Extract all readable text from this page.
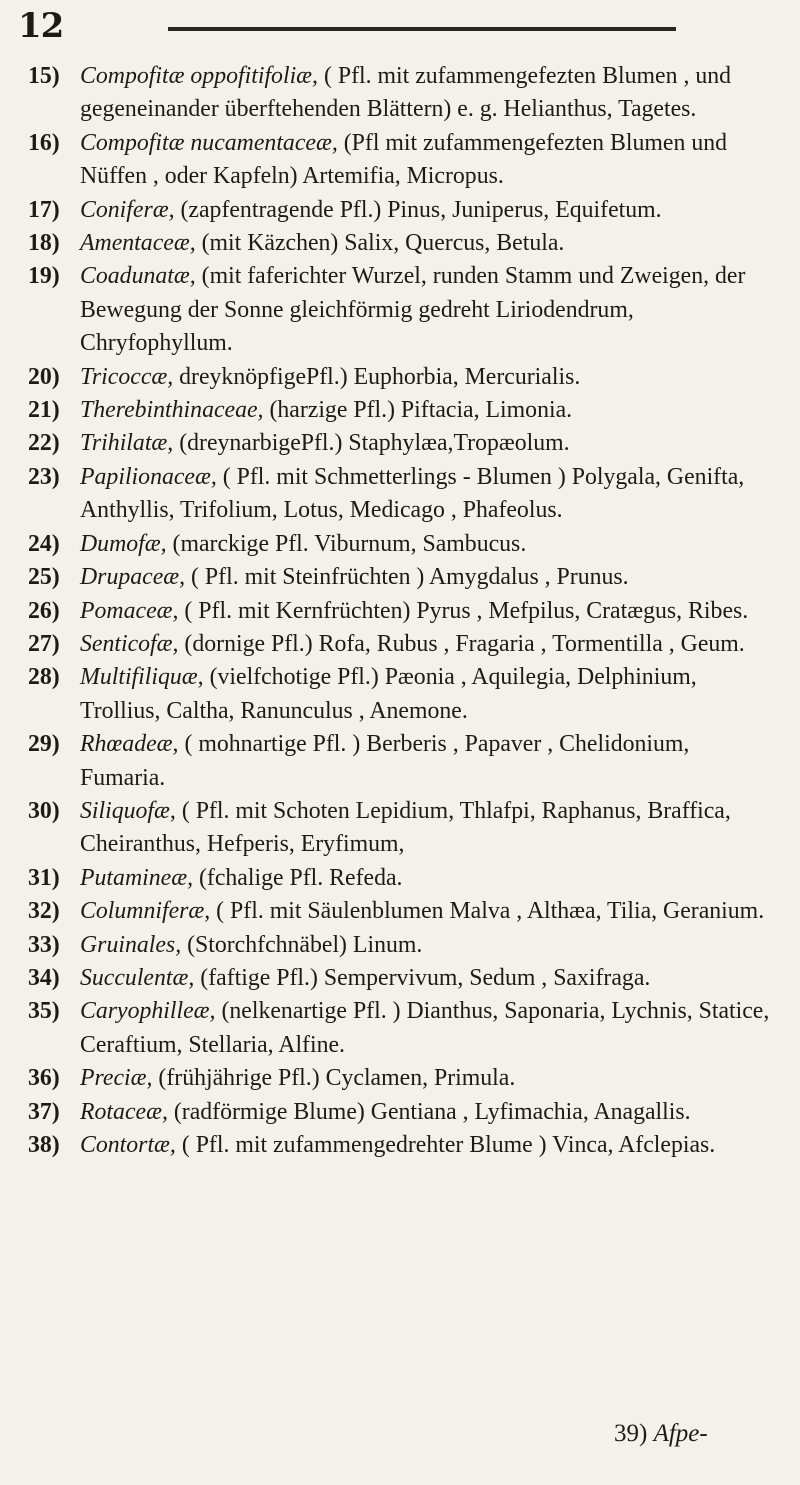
12
15) Compofitæ oppofitifoliæ, ( Pfl. mit zufammengefezten Blumen , und gegeneinander überftehenden Blättern) e. g. Helianthus, Tagetes.
16) Compofitæ nucamentaceæ, (Pfl mit zufammengefezten Blumen und Nüffen , oder Kapfeln) Artemifia, Micropus.
17) Coniferæ, (zapfentragende Pfl.) Pinus, Juniperus, Equifetum.
18) Amentaceæ, (mit Käzchen) Salix, Quercus, Betula.
19) Coadunatæ, (mit faferichter Wurzel, runden Stamm und Zweigen, der Bewegung der Sonne gleichförmig gedreht Liriodendrum, Chryfophyllum.
20) Tricoccæ, dreyknöpfigePfl.) Euphorbia, Mercurialis.
21) Therebinthinaceae, (harzige Pfl.) Piftacia, Limonia.
22) Trihilatæ, (dreynarbigePfl.) Staphylæa,Tropæolum.
23) Papilionaceæ, ( Pfl. mit Schmetterlings - Blumen ) Polygala, Genifta, Anthyllis, Trifolium, Lotus, Medicago , Phafeolus.
24) Dumofæ, (marckige Pfl. Viburnum, Sambucus.
25) Drupaceæ, ( Pfl. mit Steinfrüchten ) Amygdalus , Prunus.
26) Pomaceæ, ( Pfl. mit Kernfrüchten) Pyrus , Mefpilus, Cratægus, Ribes.
27) Senticofæ, (dornige Pfl.) Rofa, Rubus , Fragaria , Tormentilla , Geum.
28) Multifiliquæ, (vielfchotige Pfl.) Pæonia , Aquilegia, Delphinium, Trollius, Caltha, Ranunculus , Anemone.
29) Rhœadeæ, ( mohnartige Pfl. ) Berberis , Papaver , Chelidonium, Fumaria.
30) Siliquofæ, ( Pfl. mit Schoten Lepidium, Thlafpi, Raphanus, Braffica, Cheiranthus, Hefperis, Eryfimum,
31) Putamineæ, (fchalige Pfl. Refeda.
32) Columniferæ, ( Pfl. mit Säulenblumen Malva , Althæa, Tilia, Geranium.
33) Gruinales, (Storchfchnäbel) Linum.
34) Succulentæ, (faftige Pfl.) Sempervivum, Sedum , Saxifraga.
35) Caryophilleæ, (nelkenartige Pfl. ) Dianthus, Saponaria, Lychnis, Statice, Ceraftium, Stellaria, Alfine.
36) Preciæ, (frühjährige Pfl.) Cyclamen, Primula.
37) Rotaceæ, (radförmige Blume) Gentiana , Lyfimachia, Anagallis.
38) Contortæ, ( Pfl. mit zufammengedrehter Blume ) Vinca, Afclepias.
39) Afpe-
